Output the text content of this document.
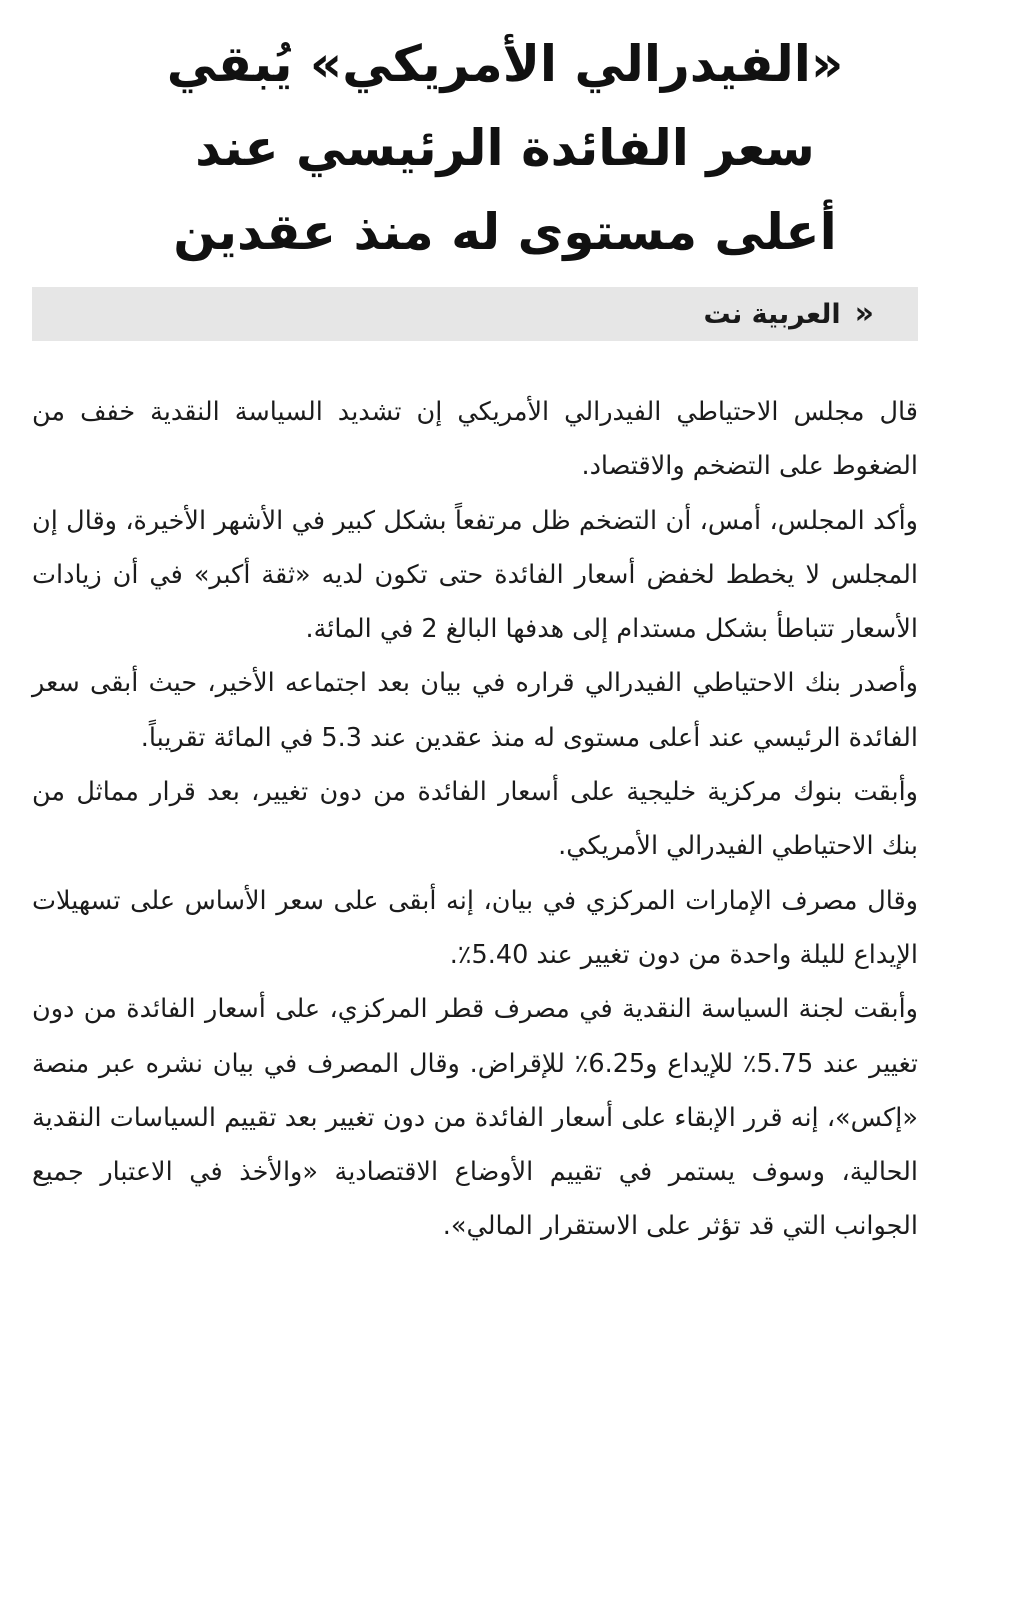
«الفيدرالي الأمريكي» يُبقي
سعر الفائدة الرئيسي عند
أعلى مستوى له منذ عقدين
«
العربية نت

قال مجلس الاحتياطي الفيدرالي الأمريكي إن تشديد السياسة النقدية خفف من الضغوط على التضخم والاقتصاد.

وأكد المجلس، أمس، أن التضخم ظل مرتفعاً بشكل كبير في الأشهر الأخيرة، وقال إن المجلس لا يخطط لخفض أسعار الفائدة حتى تكون لديه «ثقة أكبر» في أن زيادات الأسعار تتباطأ بشكل مستدام إلى هدفها البالغ 2 في المائة.

وأصدر بنك الاحتياطي الفيدرالي قراره في بيان بعد اجتماعه الأخير، حيث أبقى سعر الفائدة الرئيسي عند أعلى مستوى له منذ عقدين عند 5.3 في المائة تقريباً.

وأبقت بنوك مركزية خليجية على أسعار الفائدة من دون تغيير، بعد قرار مماثل من بنك الاحتياطي الفيدرالي الأمريكي.

وقال مصرف الإمارات المركزي في بيان، إنه أبقى على سعر الأساس على تسهيلات الإيداع لليلة واحدة من دون تغيير عند 5.40٪.

وأبقت لجنة السياسة النقدية في مصرف قطر المركزي، على أسعار الفائدة من دون تغيير عند 5.75٪ للإيداع و6.25٪ للإقراض. وقال المصرف في بيان نشره عبر منصة «إكس»، إنه قرر الإبقاء على أسعار الفائدة من دون تغيير بعد تقييم السياسات النقدية الحالية، وسوف يستمر في تقييم الأوضاع الاقتصادية «والأخذ في الاعتبار جميع الجوانب التي قد تؤثر على الاستقرار المالي».
